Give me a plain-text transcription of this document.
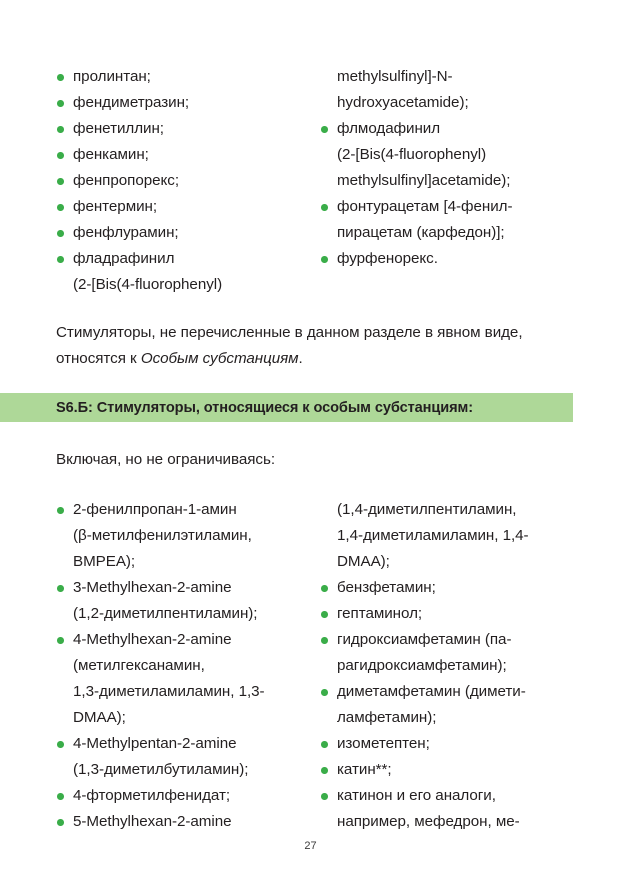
пролинтан;
фендиметразин;
фенетиллин;
фенкамин;
фенпропорекс;
фентермин;
фенфлурамин;
фладрафинил
(2-[Bis(4-fluorophenyl)
methylsulfinyl]-N-
hydroxyacetamide);
флмодафинил
(2-[Bis(4-fluorophenyl)
methylsulfinyl]acetamide);
фонтурацетам [4-фенил-
пирацетам (карфедон)];
фурфенорекс.
Стимуляторы, не перечисленные в данном разделе в явном виде, относятся к Особым субстанциям.
S6.Б: Стимуляторы, относящиеся к особым субстанциям:
Включая, но не ограничиваясь:
2-фенилпропан-1-амин
(β-метилфенилэтиламин,
BMPEA);
3-Methylhexan-2-amine
(1,2-диметилпентиламин);
4-Methylhexan-2-amine
(метилгексанамин,
1,3-диметиламиламин, 1,3-
DMAA);
4-Methylpentan-2-amine
(1,3-диметилбутиламин);
4-фторметилфенидат;
5-Methylhexan-2-amine
(1,4-диметилпентиламин,
1,4-диметиламиламин, 1,4-
DMAA);
бензфетамин;
гептаминол;
гидроксиамфетамин (па-
рагидроксиамфетамин);
диметамфетамин (димети-
ламфетамин);
изометептен;
катин**;
катинон и его аналоги,
например, мефедрон, ме-
27
